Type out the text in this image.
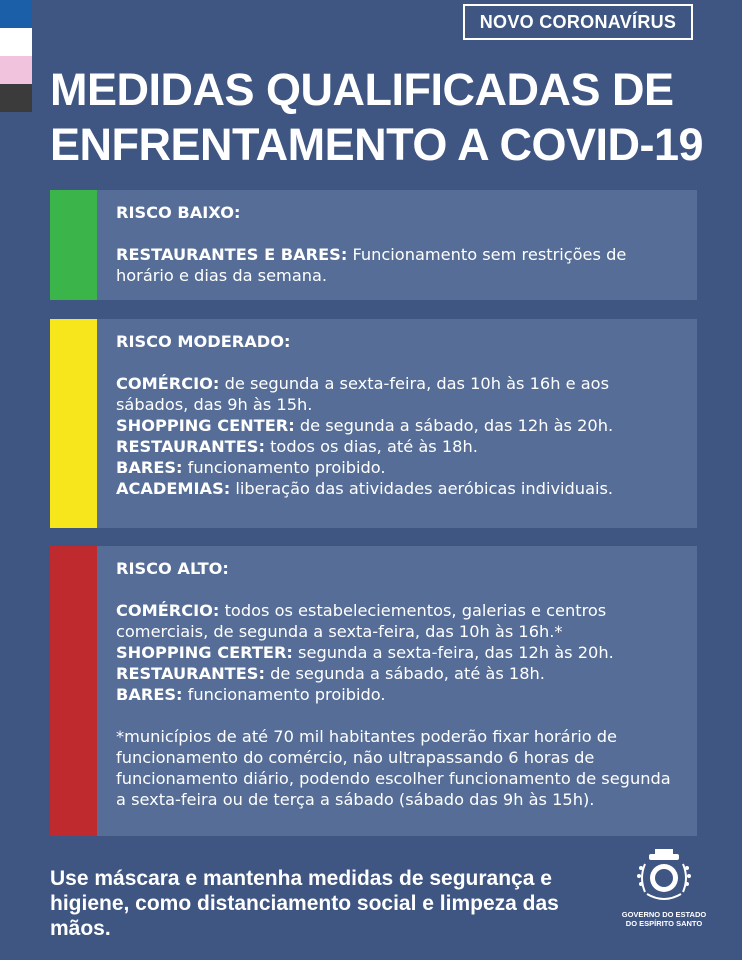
NOVO CORONAVÍRUS
MEDIDAS QUALIFICADAS DE
ENFRENTAMENTO A COVID-19

RISCO BAIXO:

RESTAURANTES E BARES: Funcionamento sem restrições de horário e dias da semana.

RISCO MODERADO:

COMÉRCIO: de segunda a sexta-feira, das 10h às 16h e aos sábados, das 9h às 15h.

SHOPPING CENTER: de segunda a sábado, das 12h às 20h.

RESTAURANTES: todos os dias, até às 18h.

BARES: funcionamento proibido.

ACADEMIAS: liberação das atividades aeróbicas individuais.

RISCO ALTO:

COMÉRCIO: todos os estabeleciementos, galerias e centros comerciais, de segunda a sexta-feira, das 10h às 16h.*

SHOPPING CERTER: segunda a sexta-feira, das 12h às 20h.

RESTAURANTES: de segunda a sábado, até às 18h.

BARES: funcionamento proibido.

*municípios de até 70 mil habitantes poderão fixar horário de funcionamento do comércio, não ultrapassando 6 horas de funcionamento diário, podendo escolher funcionamento de segunda a sexta-feira ou de terça a sábado (sábado das 9h às 15h).

Use máscara e mantenha medidas de segurança e higiene, como distanciamento social e limpeza das mãos.
GOVERNO DO ESTADO
DO ESPÍRITO SANTO
